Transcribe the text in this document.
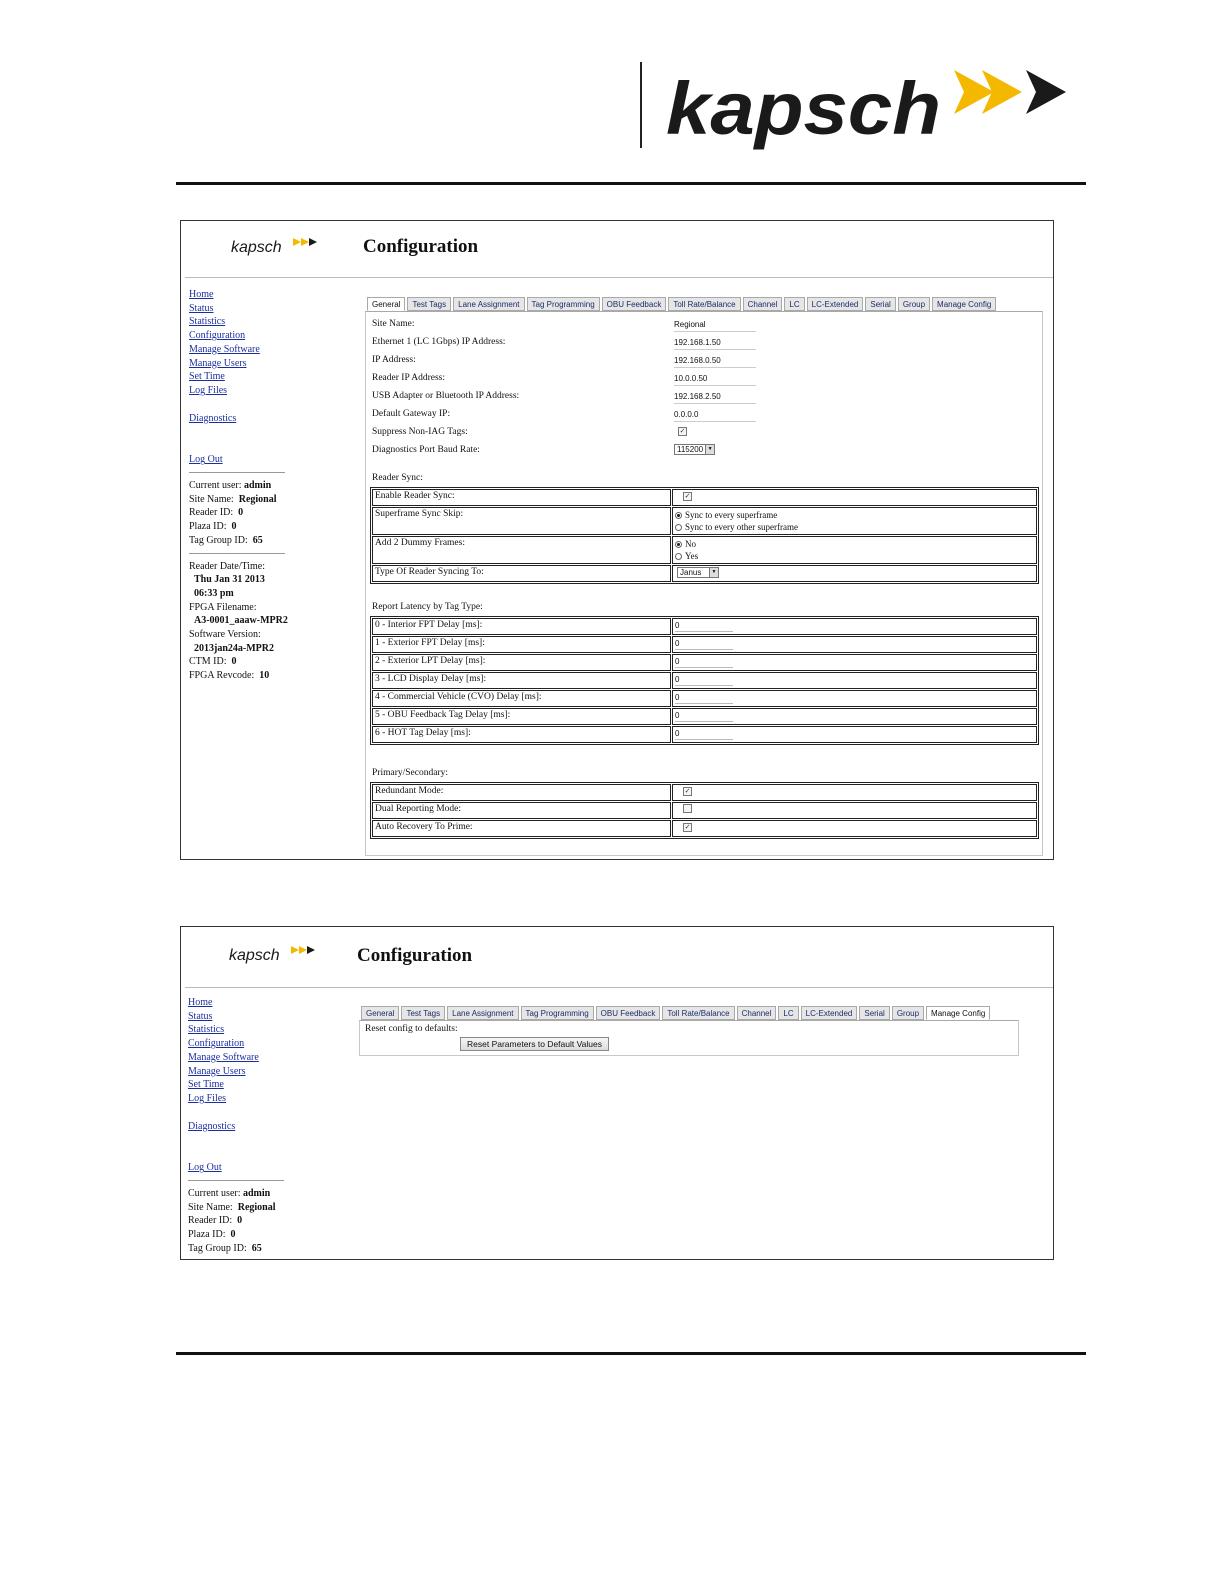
kapsch
kapsch	Configuration
Home
Status
Statistics
Configuration
Manage Software
Manage Users
Set Time
Log Files
Diagnostics
Log Out
Current user: admin
Site Name: Regional
Reader ID: 0
Plaza ID: 0
Tag Group ID: 65
Reader Date/Time:
Thu Jan 31 2013
06:33 pm
FPGA Filename:
A3-0001_aaaw-MPR2
Software Version:
2013jan24a-MPR2
CTM ID: 0
FPGA Revcode: 10
General	Test Tags	Lane Assignment	Tag Programming	OBU Feedback	Toll Rate/Balance	Channel	LC	LC-Extended	Serial	Group	Manage Config
Site Name:	Regional
Ethernet 1 (LC 1Gbps) IP Address:	192.168.1.50
IP Address:	192.168.0.50
Reader IP Address:	10.0.0.50
USB Adapter or Bluetooth IP Address:	192.168.2.50
Default Gateway IP:	0.0.0.0
Suppress Non-IAG Tags:	✓
Diagnostics Port Baud Rate:	115200 ▼
Reader Sync:
Enable Reader Sync:	✓
Superframe Sync Skip:	Sync to every superframe
Sync to every other superframe

Add 2 Dummy Frames:	No
Yes

Type Of Reader Syncing To:	Janus ▼
Report Latency by Tag Type:
0 - Interior FPT Delay [ms]:	0
1 - Exterior FPT Delay [ms]:	0
2 - Exterior LPT Delay [ms]:	0
3 - LCD Display Delay [ms]:	0
4 - Commercial Vehicle (CVO) Delay [ms]:	0
5 - OBU Feedback Tag Delay [ms]:	0
6 - HOT Tag Delay [ms]:	0
Primary/Secondary:
Redundant Mode:	✓
Dual Reporting Mode:	
Auto Recovery To Prime:	✓
kapsch	Configuration
Home
Status
Statistics
Configuration
Manage Software
Manage Users
Set Time
Log Files
Diagnostics
Log Out
Current user: admin
Site Name: Regional
Reader ID: 0
Plaza ID: 0
Tag Group ID: 65
General	Test Tags	Lane Assignment	Tag Programming	OBU Feedback	Toll Rate/Balance	Channel	LC	LC-Extended	Serial	Group	Manage Config
Reset config to defaults:
Reset Parameters to Default Values
